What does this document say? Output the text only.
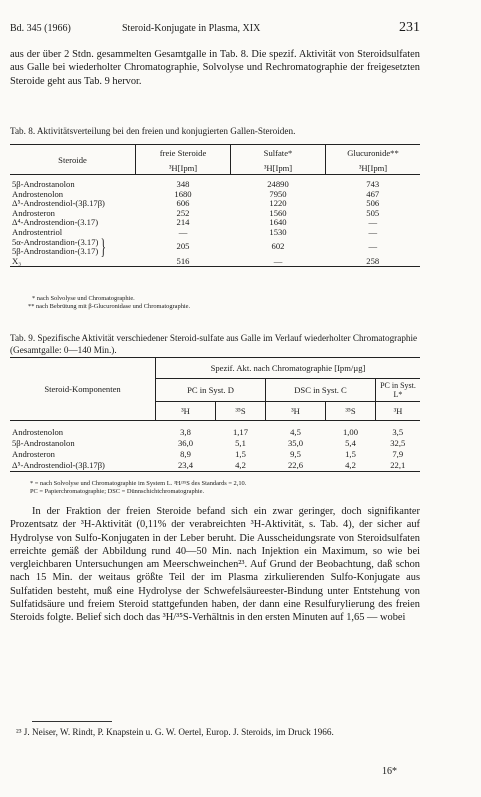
Bd. 345 (1966)	Steroid-Konjugate in Plasma, XIX	231
aus der über 2 Stdn. gesammelten Gesamtgalle in Tab. 8. Die spezif. Aktivität von Steroidsulfaten aus Galle bei wiederholter Chromatographie, Solvolyse und Rechromatographie der freigesetzten Steroide geht aus Tab. 9 hervor.
Tab. 8. Aktivitätsverteilung bei den freien und konjugierten Gallen-Steroiden.
Steroide	freie Steroide	Sulfate*	Glucuronide**
	³H[Ipm]	³H[Ipm]	³H[Ipm]

5β-Androstanolon	348	24890	743
Androstenolon	1680	7950	467
Δ⁵-Androstendiol-(3β.17β)	606	1220	506
Androsteron	252	1560	505
Δ⁴-Androstendion-(3.17)	214	1640	—
Androstentriol	—	1530	—

5α-Androstandion-(3.17)
5β-Androstandion-(3.17) }	205	602	—
X₃	516	—	258
* nach Solvolyse und Chromatographie.
** nach Bebrütung mit β-Glucuronidase und Chromatographie.
Tab. 9. Spezifische Aktivität verschiedener Steroid-sulfate aus Galle im Verlauf wiederholter Chromatographie (Gesamtgalle: 0—140 Min.).
Steroid-Komponenten	Spezif. Akt. nach Chromatographie [Ipm/µg]				
	PC in Syst. D		DSC in Syst. C		PC in Syst. L*
	³H	³⁵S	³H	³⁵S	³H

Androstenolon	3,8	1,17	4,5	1,00	3,5
5β-Androstanolon	36,0	5,1	35,0	5,4	32,5
Androsteron	8,9	1,5	9,5	1,5	7,9
Δ⁵-Androstendiol-(3β.17β)	23,4	4,2	22,6	4,2	22,1
* = nach Solvolyse und Chromatographie im System L. ³H/³⁵S des Standards = 2,10.
PC = Papierchromatographie; DSC = Dünnschichtchromatographie.
In der Fraktion der freien Steroide befand sich ein zwar geringer, doch signifikanter Prozentsatz der ³H-Aktivität (0,11% der verabreichten ³H-Aktivität, s. Tab. 4), der sicher auf Hydrolyse von Sulfo-Konjugaten in der Leber beruht. Die Ausscheidungsrate von Steroidsulfaten erreichte gemäß der Abbildung rund 40—50 Min. nach Injektion ein Maximum, so wie bei vergleichbaren Untersuchungen am Meerschweinchen²³. Auf Grund der Beobachtung, daß schon nach 15 Min. der weitaus größte Teil der im Plasma zirkulierenden Sulfo-Konjugate aus Sulfatiden besteht, muß eine Hydrolyse der Schwefelsäureester-Bindung unter Entstehung von Sulfatidsäure und freiem Steroid stattgefunden haben, der dann eine Resulfurylierung des freien Steroids folgte. Belief sich doch das ³H/³⁵S-Verhältnis in den ersten Minuten auf 1,65 — wobei
²³ J. Neiser, W. Rindt, P. Knapstein u. G. W. Oertel, Europ. J. Steroids, im Druck 1966.
16*
